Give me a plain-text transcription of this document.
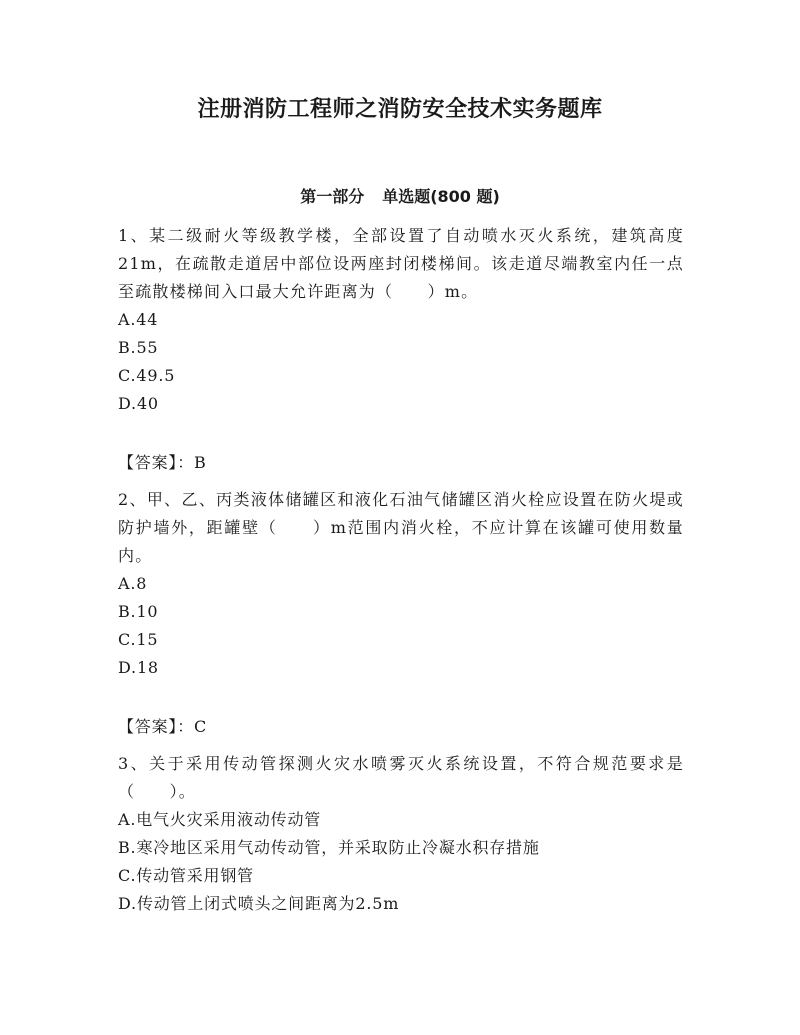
注册消防工程师之消防安全技术实务题库
第一部分 单选题(800 题)

1、某二级耐火等级教学楼，全部设置了自动喷水灭火系统，建筑高度21m，在疏散走道居中部位设两座封闭楼梯间。该走道尽端教室内任一点至疏散楼梯间入口最大允许距离为（　　）m。

A.44

B.55

C.49.5

D.40

【答案】：B

2、甲、乙、丙类液体储罐区和液化石油气储罐区消火栓应设置在防火堤或防护墙外，距罐壁（　　）m范围内消火栓，不应计算在该罐可使用数量内。

A.8

B.10

C.15

D.18

【答案】：C

3、关于采用传动管探测火灾水喷雾灭火系统设置，不符合规范要求是（　　）。

A.电气火灾采用液动传动管

B.寒冷地区采用气动传动管，并采取防止冷凝水积存措施

C.传动管采用钢管

D.传动管上闭式喷头之间距离为2.5m
